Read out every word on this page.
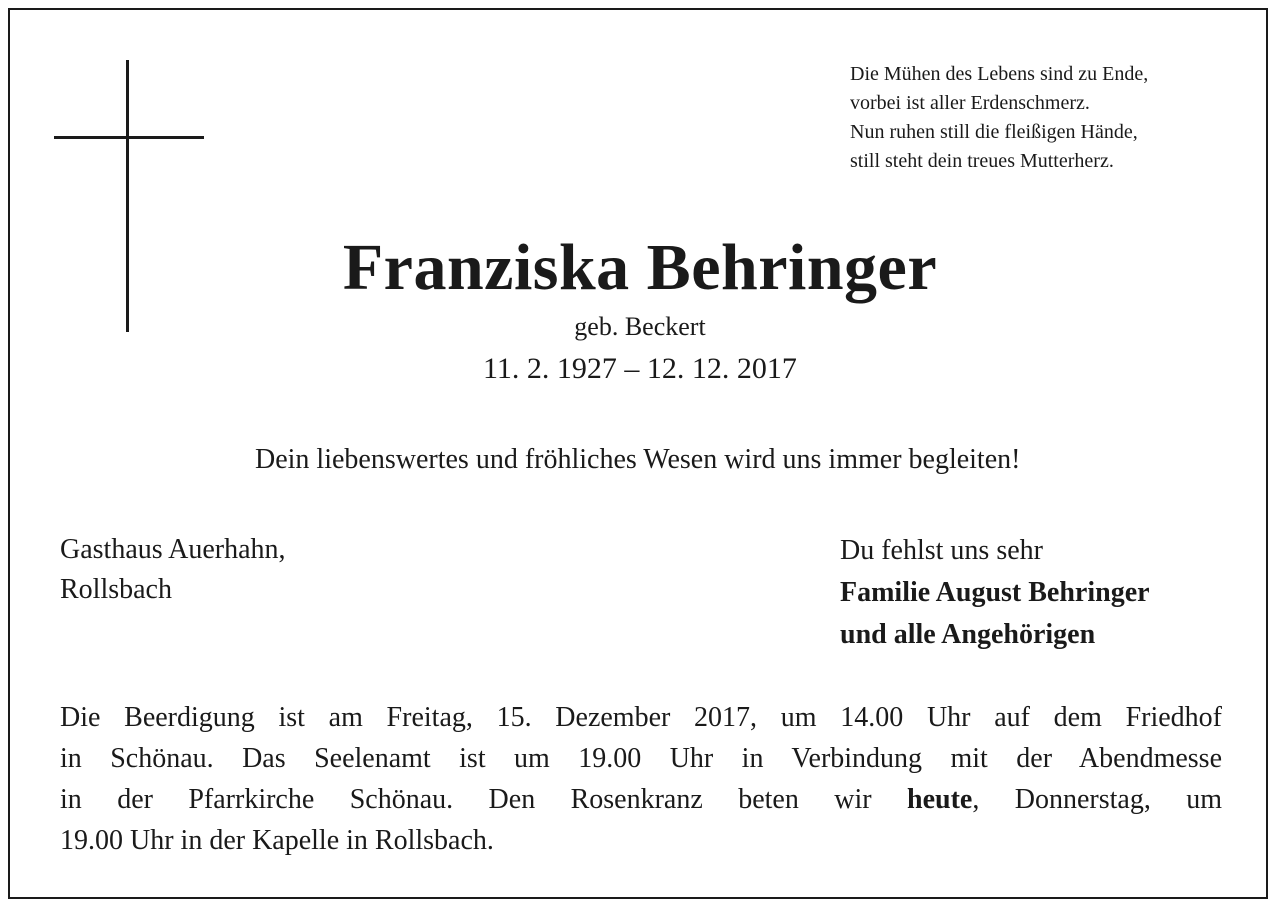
Die Mühen des Lebens sind zu Ende,
vorbei ist aller Erdenschmerz.
Nun ruhen still die fleißigen Hände,
still steht dein treues Mutterherz.
Franziska Behringer
geb. Beckert
11. 2. 1927 – 12. 12. 2017
Dein liebenswertes und fröhliches Wesen wird uns immer begleiten!
Gasthaus Auerhahn,
Rollsbach
Du fehlst uns sehr
Familie August Behringer
und alle Angehörigen
Die Beerdigung ist am Freitag, 15. Dezember 2017, um 14.00 Uhr auf dem Friedhof
in Schönau. Das Seelenamt ist um 19.00 Uhr in Verbindung mit der Abendmesse
in der Pfarrkirche Schönau. Den Rosenkranz beten wir heute, Donnerstag, um
19.00 Uhr in der Kapelle in Rollsbach.
